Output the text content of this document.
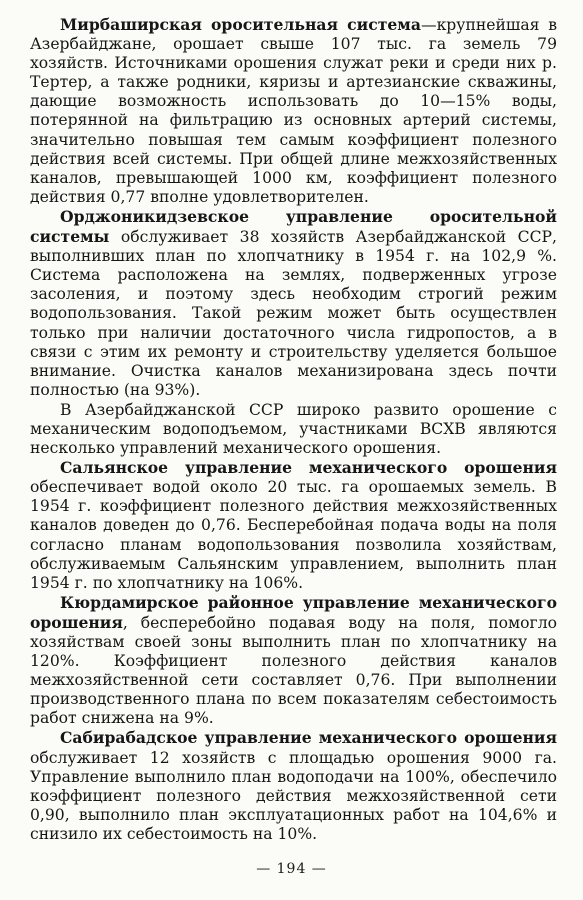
Мирбаширская оросительная система—крупнейшая в Азербайджане, орошает свыше 107 тыс. га земель 79 хозяйств. Источниками орошения служат реки и среди них р. Тертер, а также родники, кяризы и артезианские скважины, дающие возможность использовать до 10—15% воды, потерянной на фильтрацию из основных артерий системы, значительно повышая тем самым коэффициент полезного действия всей системы. При общей длине межхозяйственных каналов, превышающей 1000 км, коэффициент полезного действия 0,77 вполне удовлетворителен.

Орджоникидзевское управление оросительной системы обслуживает 38 хозяйств Азербайджанской ССР, выполнивших план по хлопчатнику в 1954 г. на 102,9 %. Система расположена на землях, подверженных угрозе засоления, и поэтому здесь необходим строгий режим водопользования. Такой режим может быть осуществлен только при наличии достаточного числа гидропостов, а в связи с этим их ремонту и строительству уделяется большое внимание. Очистка каналов механизирована здесь почти полностью (на 93%).

В Азербайджанской ССР широко развито орошение с механическим водоподъемом, участниками ВСХВ являются несколько управлений механического орошения.

Сальянское управление механического орошения обеспечивает водой около 20 тыс. га орошаемых земель. В 1954 г. коэффициент полезного действия межхозяйственных каналов доведен до 0,76. Бесперебойная подача воды на поля согласно планам водопользования позволила хозяйствам, обслуживаемым Сальянским управлением, выполнить план 1954 г. по хлопчатнику на 106%.

Кюрдамирское районное управление механического орошения, бесперебойно подавая воду на поля, помогло хозяйствам своей зоны выполнить план по хлопчатнику на 120%. Коэффициент полезного действия каналов межхозяйственной сети составляет 0,76. При выполнении производственного плана по всем показателям себестоимость работ снижена на 9%.

Сабирабадское управление механического орошения обслуживает 12 хозяйств с площадью орошения 9000 га. Управление выполнило план водоподачи на 100%, обеспечило коэффициент полезного действия межхозяйственной сети 0,90, выполнило план эксплуатационных работ на 104,6% и снизило их себестоимость на 10%.

— 194 —
